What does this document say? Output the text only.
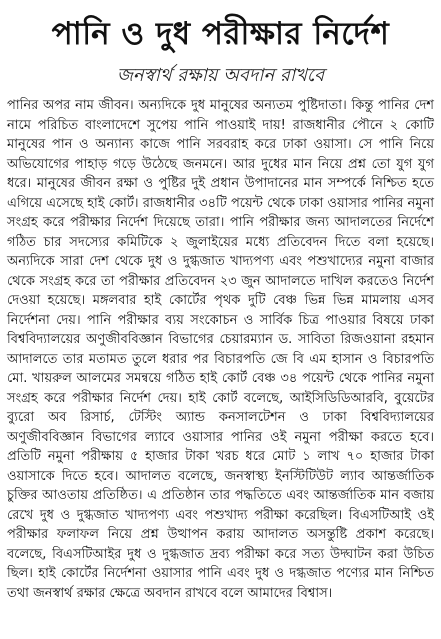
পানি ও দুধ পরীক্ষার নির্দেশ
জনস্বার্থ রক্ষায় অবদান রাখবে

পানির অপর নাম জীবন। অন্যদিকে দুধ মানুষের অন্যতম পুষ্টিদাতা। কিন্তু পানির দেশ নামে পরিচিত বাংলাদেশে সুপেয় পানি পাওয়াই দায়! রাজধানীর পৌনে ২ কোটি মানুষের পান ও অন্যান্য কাজে পানি সরবরাহ করে ঢাকা ওয়াসা। সে পানি নিয়ে অভিযোগের পাহাড় গড়ে উঠেছে জনমনে। আর দুধের মান নিয়ে প্রশ্ন তো যুগ যুগ ধরে। মানুষের জীবন রক্ষা ও পুষ্টির দুই প্রধান উপাদানের মান সম্পর্কে নিশ্চিত হতে এগিয়ে এসেছে হাই কোর্ট। রাজধানীর ৩৪টি পয়েন্ট থেকে ঢাকা ওয়াসার পানির নমুনা সংগ্রহ করে পরীক্ষার নির্দেশ দিয়েছে তারা। পানি পরীক্ষার জন্য আদালতের নির্দেশে গঠিত চার সদস্যের কমিটিকে ২ জুলাইয়ের মধ্যে প্রতিবেদন দিতে বলা হয়েছে। অন্যদিকে সারা দেশ থেকে দুধ ও দুগ্ধজাত খাদ্যপণ্য এবং পশুখাদ্যের নমুনা বাজার থেকে সংগ্রহ করে তা পরীক্ষার প্রতিবেদন ২৩ জুন আদালতে দাখিল করতেও নির্দেশ দেওয়া হয়েছে। মঙ্গলবার হাই কোর্টের পৃথক দুটি বেঞ্চ ভিন্ন ভিন্ন মামলায় এসব নির্দেশনা দেয়। পানি পরীক্ষার ব্যয় সংকোচন ও সার্বিক চিত্র পাওয়ার বিষয়ে ঢাকা বিশ্ববিদ্যালয়ের অণুজীববিজ্ঞান বিভাগের চেয়ারম্যান ড. সাবিতা রিজওয়ানা রহমান আদালতে তার মতামত তুলে ধরার পর বিচারপতি জে বি এম হাসান ও বিচারপতি মো. খায়রুল আলমের সমন্বয়ে গঠিত হাই কোর্ট বেঞ্চ ৩৪ পয়েন্ট থেকে পানির নমুনা সংগ্রহ করে পরীক্ষার নির্দেশ দেয়। হাই কোর্ট বলেছে, আইসিডিডিআরবি, বুয়েটের ব্যুরো অব রিসার্চ, টেস্টিং অ্যান্ড কনসালটেশন ও ঢাকা বিশ্ববিদ্যালয়ের অণুজীববিজ্ঞান বিভাগের ল্যাবে ওয়াসার পানির ওই নমুনা পরীক্ষা করতে হবে। প্রতিটি নমুনা পরীক্ষায় ৫ হাজার টাকা খরচ ধরে মোট ১ লাখ ৭০ হাজার টাকা ওয়াসাকে দিতে হবে। আদালত বলেছে, জনস্বাস্থ্য ইনস্টিটিউট ল্যাব আন্তর্জাতিক চুক্তির আওতায় প্রতিষ্ঠিত। এ প্রতিষ্ঠান তার পদ্ধতিতে এবং আন্তর্জাতিক মান বজায় রেখে দুধ ও দুগ্ধজাত খাদ্যপণ্য এবং পশুখাদ্য পরীক্ষা করেছিল। বিএসটিআই ওই পরীক্ষার ফলাফল নিয়ে প্রশ্ন উত্থাপন করায় আদালত অসন্তুষ্টি প্রকাশ করেছে। বলেছে, বিএসটিআইর দুধ ও দুগ্ধজাত দ্রব্য পরীক্ষা করে সত্য উদ্ঘাটন করা উচিত ছিল। হাই কোর্টের নির্দেশনা ওয়াসার পানি এবং দুধ ও দগ্ধজাত পণ্যের মান নিশ্চিত তথা জনস্বার্থ রক্ষার ক্ষেত্রে অবদান রাখবে বলে আমাদের বিশ্বাস।
